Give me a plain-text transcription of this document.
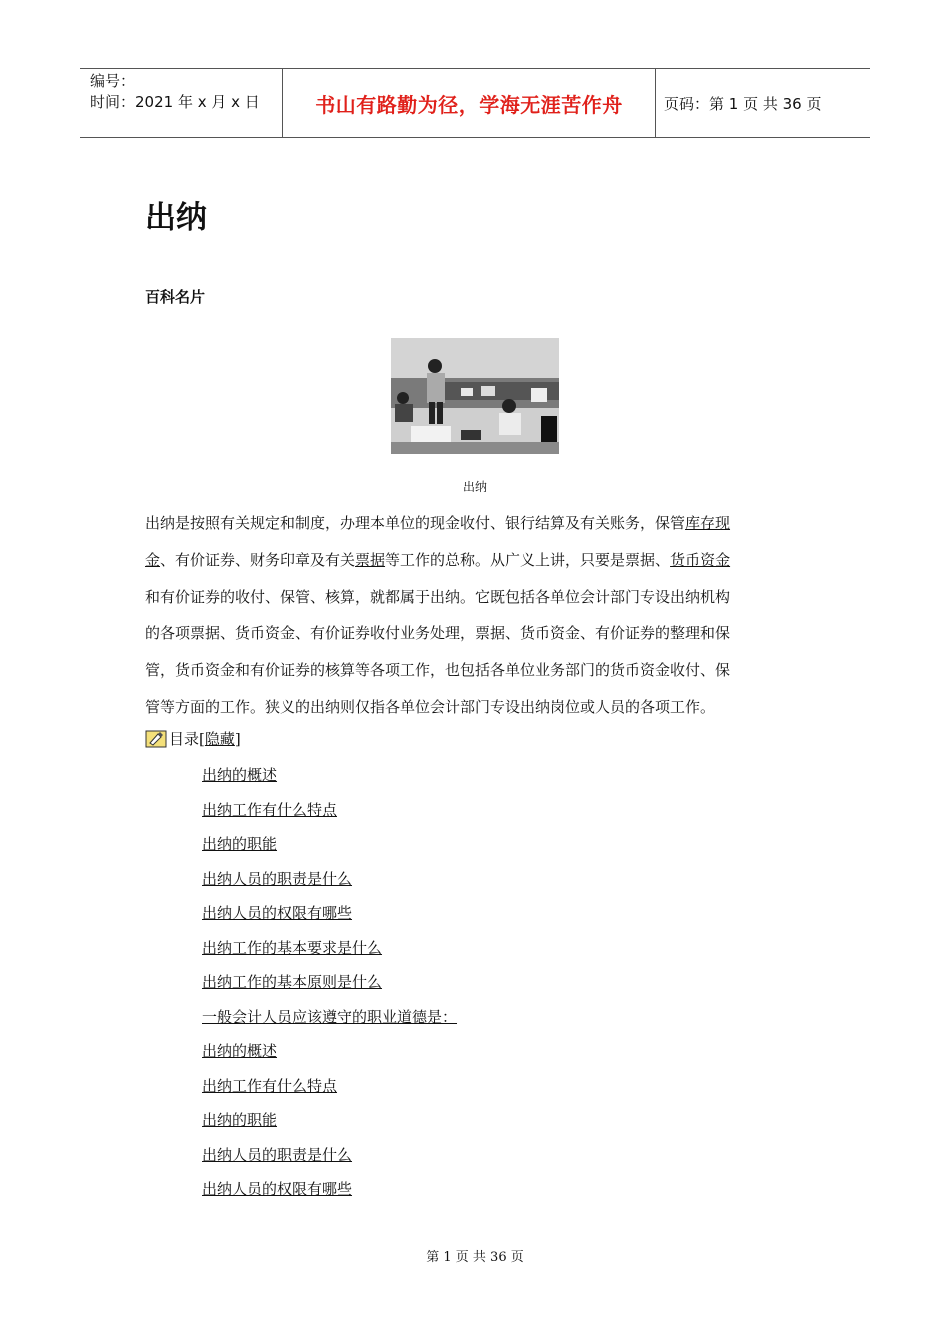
编号：
时间：2021 年 x 月 x 日	书山有路勤为径，学海无涯苦作舟	页码：第 1 页 共 36 页
出纳
百科名片
出纳
出纳是按照有关规定和制度，办理本单位的现金收付、银行结算及有关账务，保管库存现
金、有价证券、财务印章及有关票据等工作的总称。从广义上讲，只要是票据、货币资金
和有价证券的收付、保管、核算，就都属于出纳。它既包括各单位会计部门专设出纳机构
的各项票据、货币资金、有价证券收付业务处理，票据、货币资金、有价证券的整理和保
管，货币资金和有价证券的核算等各项工作，也包括各单位业务部门的货币资金收付、保
管等方面的工作。狭义的出纳则仅指各单位会计部门专设出纳岗位或人员的各项工作。
目录 [ 隐藏 ]
出纳的概述
出纳工作有什么特点
出纳的职能
出纳人员的职责是什么
出纳人员的权限有哪些
出纳工作的基本要求是什么
出纳工作的基本原则是什么
一般会计人员应该遵守的职业道德是：
出纳的概述
出纳工作有什么特点
出纳的职能
出纳人员的职责是什么
出纳人员的权限有哪些
第 1 页 共 36 页
